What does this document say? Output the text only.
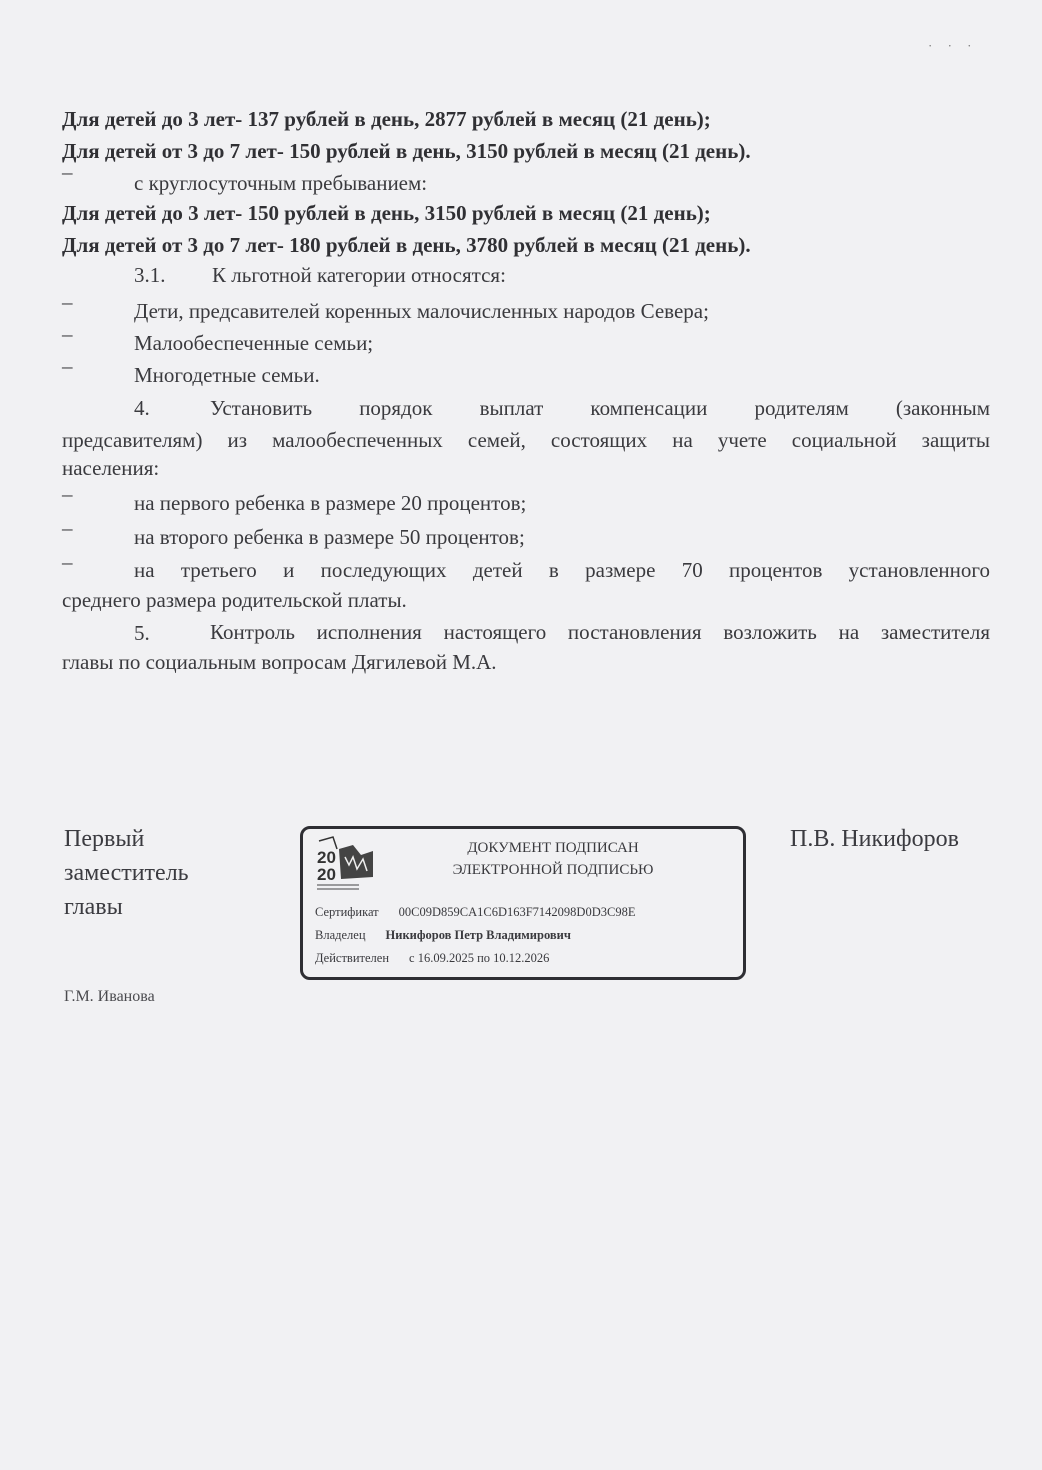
· · ·
Для детей до 3 лет- 137 рублей в день, 2877 рублей в месяц (21 день);
Для детей от 3 до 7 лет- 150 рублей в день, 3150 рублей в месяц (21 день).
–	с круглосуточным пребыванием:
Для детей до 3 лет- 150 рублей в день, 3150 рублей в месяц (21 день);
Для детей от 3 до 7 лет- 180 рублей в день, 3780 рублей в месяц (21 день).
3.1. К льготной категории относятся:
–	Дети, предсавителей коренных малочисленных народов Севера;
–	Малообеспеченные семьи;
–	Многодетные семьи.
4.	Установить порядок выплат компенсации родителям (законным
предсавителям) из малообеспеченных семей, состоящих на учете социальной защиты
населения:
–	на первого ребенка в размере 20 процентов;
–	на второго ребенка в размере 50 процентов;
–	на третьего и последующих детей в размере 70 процентов установленного
среднего размера родительской платы.
5.	Контроль исполнения настоящего постановления возложить на заместителя
главы по социальным вопросам Дягилевой М.А.
Первый
заместитель
главы
20
20
ДОКУМЕНТ ПОДПИСАН
ЭЛЕКТРОННОЙ ПОДПИСЬЮ
Сертификат 00C09D859CA1C6D163F7142098D0D3C98E
Владелец Никифоров Петр Владимирович
Действителен с 16.09.2025 по 10.12.2026
П.В. Никифоров
Г.М. Иванова
